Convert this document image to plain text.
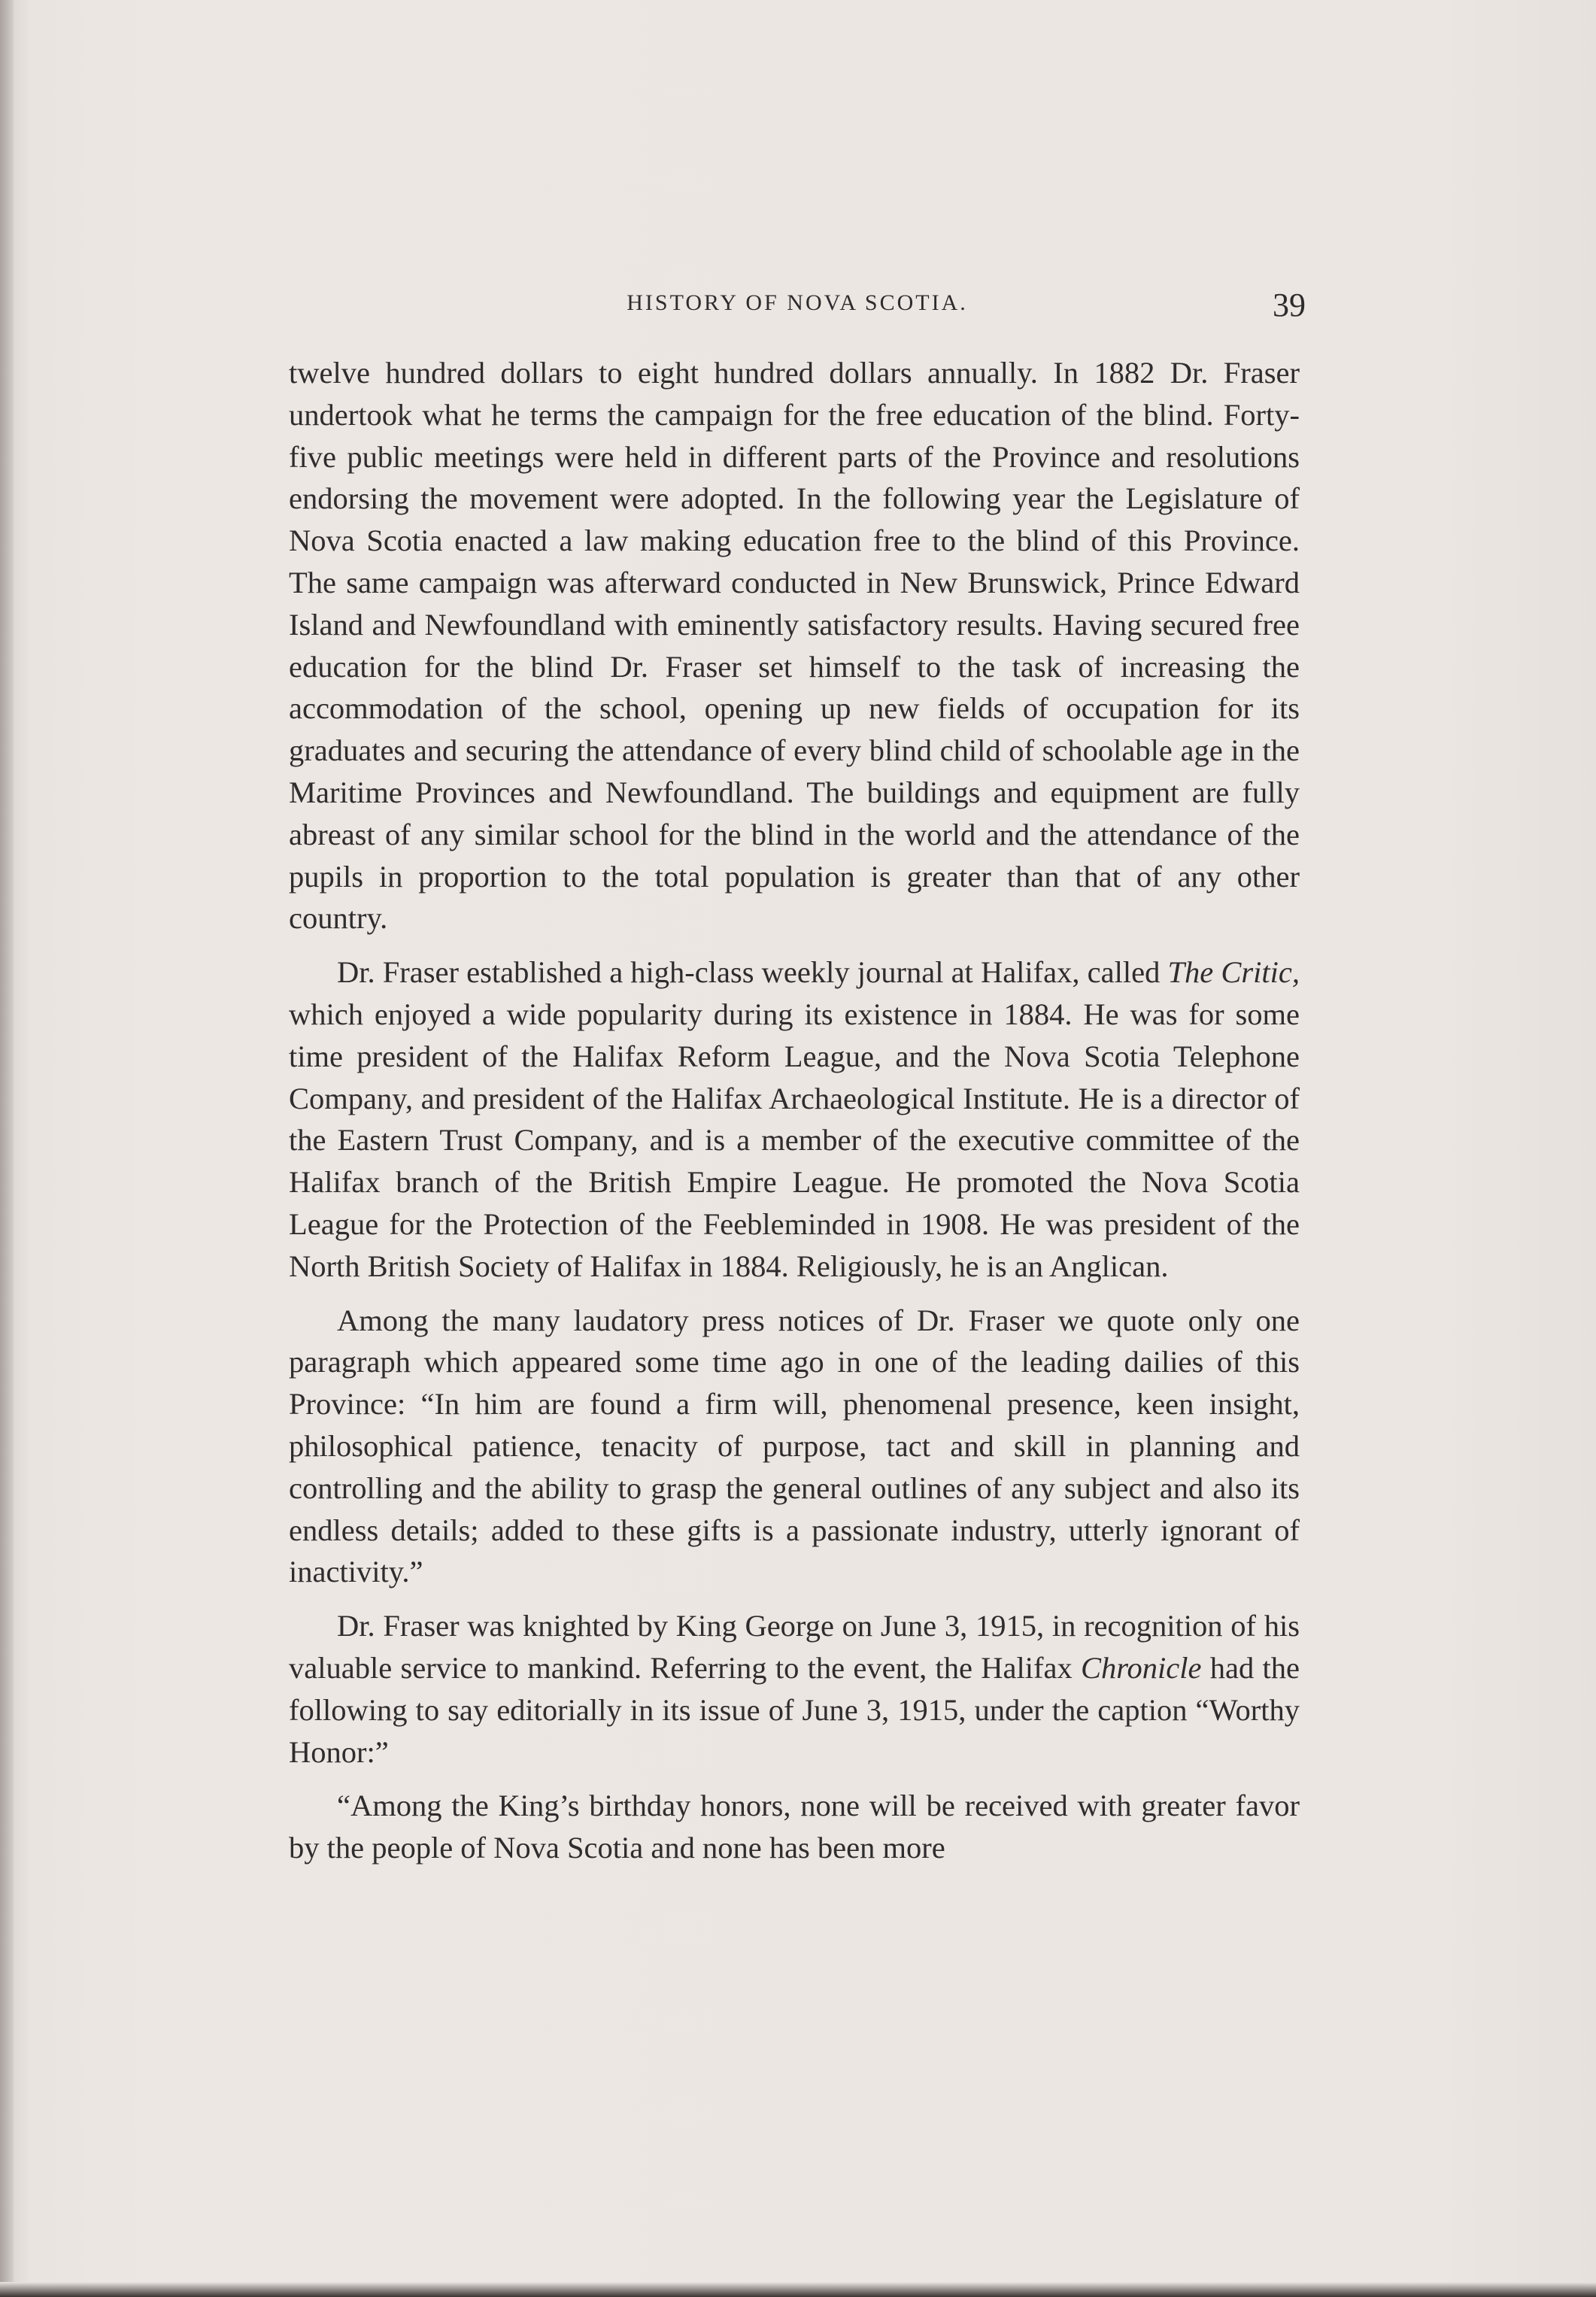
HISTORY OF NOVA SCOTIA.	39

twelve hundred dollars to eight hundred dollars annually. In 1882 Dr. Fraser undertook what he terms the campaign for the free education of the blind. Forty-five public meetings were held in different parts of the Province and resolutions endorsing the movement were adopted. In the following year the Legislature of Nova Scotia enacted a law making education free to the blind of this Province. The same campaign was afterward conducted in New Brunswick, Prince Edward Island and Newfoundland with eminently satisfactory results. Having secured free education for the blind Dr. Fraser set himself to the task of increasing the accommodation of the school, opening up new fields of occupation for its graduates and securing the attendance of every blind child of schoolable age in the Maritime Provinces and Newfoundland. The buildings and equipment are fully abreast of any similar school for the blind in the world and the attendance of the pupils in proportion to the total population is greater than that of any other country.

Dr. Fraser established a high-class weekly journal at Halifax, called The Critic, which enjoyed a wide popularity during its existence in 1884. He was for some time president of the Halifax Reform League, and the Nova Scotia Telephone Company, and president of the Halifax Archaeological Institute. He is a director of the Eastern Trust Company, and is a member of the executive committee of the Halifax branch of the British Empire League. He promoted the Nova Scotia League for the Protection of the Feebleminded in 1908. He was president of the North British Society of Halifax in 1884. Religiously, he is an Anglican.

Among the many laudatory press notices of Dr. Fraser we quote only one paragraph which appeared some time ago in one of the leading dailies of this Province: “In him are found a firm will, phenomenal presence, keen insight, philosophical patience, tenacity of purpose, tact and skill in planning and controlling and the ability to grasp the general outlines of any subject and also its endless details; added to these gifts is a passionate industry, utterly ignorant of inactivity.”

Dr. Fraser was knighted by King George on June 3, 1915, in recognition of his valuable service to mankind. Referring to the event, the Halifax Chronicle had the following to say editorially in its issue of June 3, 1915, under the caption “Worthy Honor:”

“Among the King’s birthday honors, none will be received with greater favor by the people of Nova Scotia and none has been more
